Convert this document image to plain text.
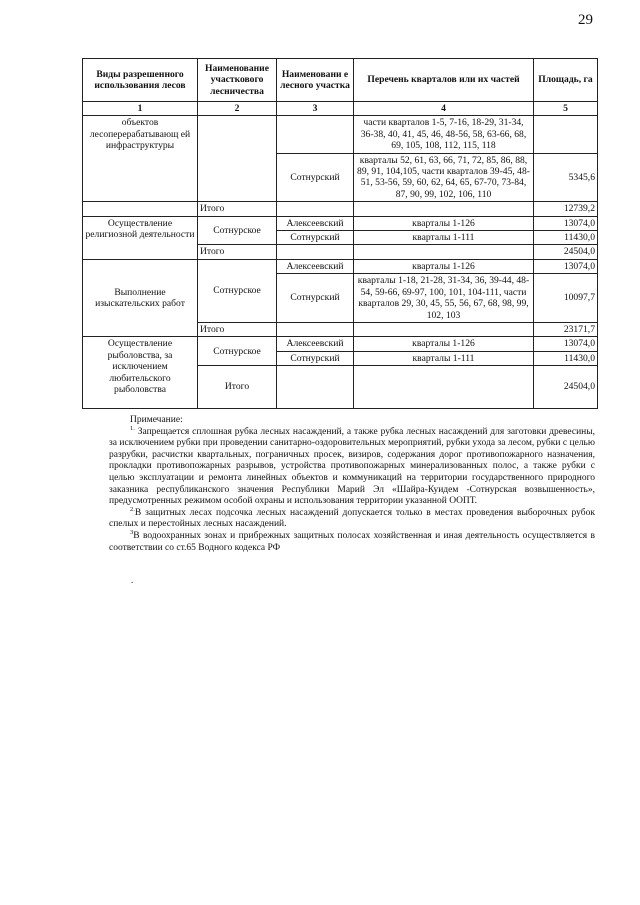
29
Виды разрешенного использования лесов	Наименование участкового лесничества	Наименовани е лесного участка	Перечень кварталов или их частей	Площадь, га
1	2	3	4	5
объектов лесоперерабатывающ ей инфраструктуры			части кварталов 1-5, 7-16, 18-29, 31-34, 36-38, 40, 41, 45, 46, 48-56, 58, 63-66, 68, 69, 105, 108, 112, 115, 118	
		Сотнурский	кварталы 52, 61, 63, 66, 71, 72, 85, 86, 88, 89, 91, 104,105, части кварталов 39-45, 48-51, 53-56, 59, 60, 62, 64, 65, 67-70, 73-84, 87, 90, 99, 102, 106, 110	5345,6
	Итого			12739,2
Осуществление религиозной деятельности	Сотнурское	Алексеевский	кварталы 1-126	13074,0
		Сотнурский	кварталы 1-111	11430,0
	Итого			24504,0
Выполнение изыскательских работ	Сотнурское	Алексеевский	кварталы 1-126	13074,0
		Сотнурский	кварталы 1-18, 21-28, 31-34, 36, 39-44, 48-54, 59-66, 69-97, 100, 101, 104-111, части кварталов 29, 30, 45, 55, 56, 67, 68, 98, 99, 102, 103	10097,7
	Итого			23171,7
Осуществление рыболовства, за исключением любительского рыболовства	Сотнурское	Алексеевский	кварталы 1-126	13074,0
		Сотнурский	кварталы 1-111	11430,0
	Итого			24504,0

Примечание:

$^{1.}$ Запрещается сплошная рубка лесных насаждений, а также рубка лесных насаждений для заготовки древесины, за исключением рубки при проведении санитарно-оздоровительных мероприятий, рубки ухода за лесом, рубки с целью разрубки, расчистки квартальных, пограничных просек, визиров, содержания дорог противопожарного назначения, прокладки противопожарных разрывов, устройства противопожарных минерализованных полос, а также рубки с целью эксплуатации и ремонта линейных объектов и коммуникаций на территории государственного природного заказника республиканского значения Республики Марий Эл «Шайра-Куидем -Сотнурская возвышенность», предусмотренных режимом особой охраны и использования территории указанной ООПТ.

$^{2.}$В защитных лесах подсочка лесных насаждений допускается только в местах проведения выборочных рубок спелых и перестойных лесных насаждений.

$^3$В водоохранных зонах и прибрежных защитных полосах хозяйственная и иная деятельность осуществляется в соответствии со ст.65 Водного кодекса РФ

.
